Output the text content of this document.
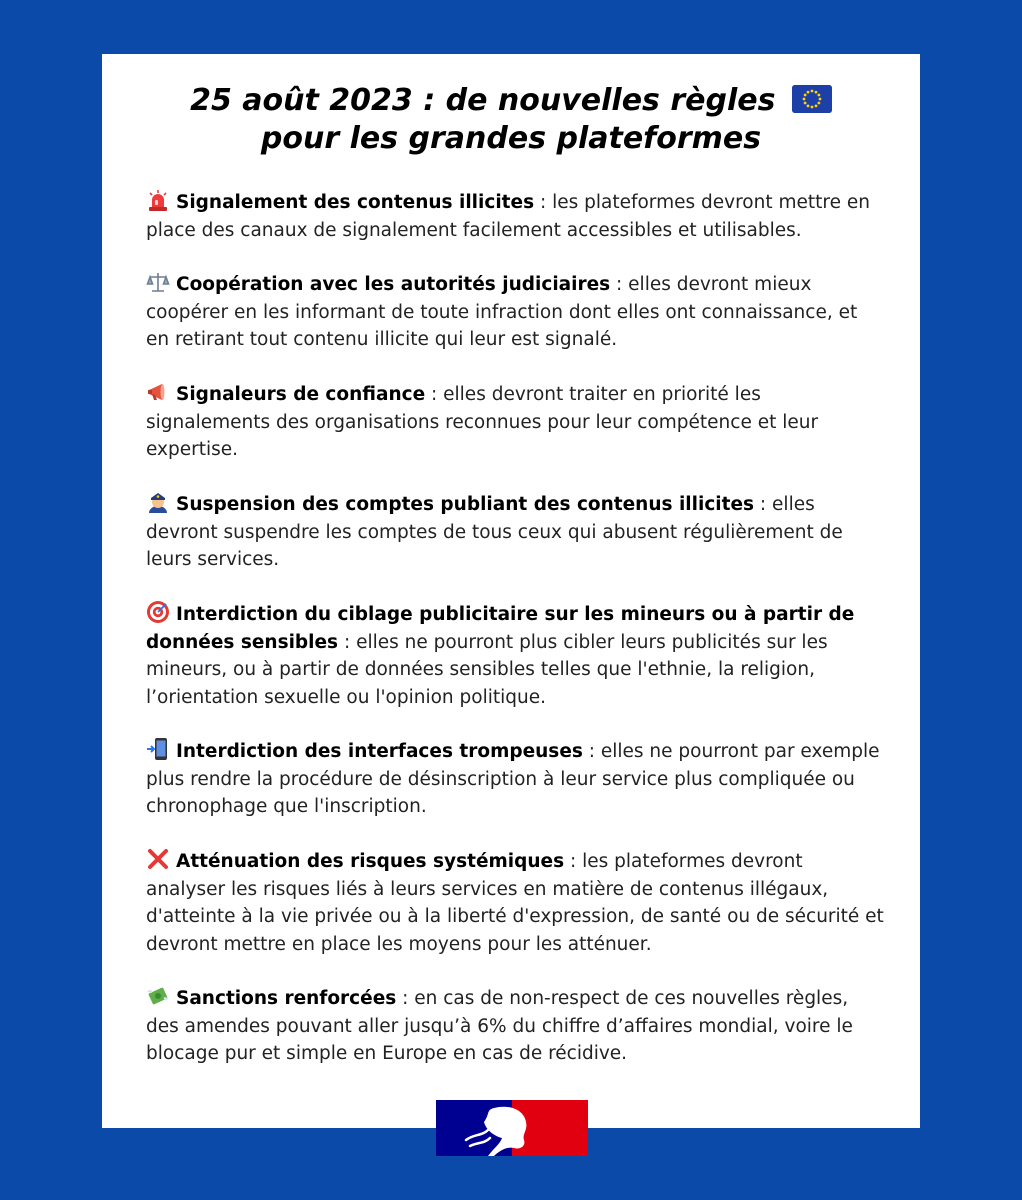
25 août 2023 : de nouvelles règles

pour les grandes plateformes

Signalement des contenus illicites : les plateformes devront mettre en place des canaux de signalement facilement accessibles et utilisables.

Coopération avec les autorités judiciaires : elles devront mieux coopérer en les informant de toute infraction dont elles ont connaissance, et en retirant tout contenu illicite qui leur est signalé.

Signaleurs de confiance : elles devront traiter en priorité les signalements des organisations reconnues pour leur compétence et leur expertise.

Suspension des comptes publiant des contenus illicites : elles devront suspendre les comptes de tous ceux qui abusent régulièrement de leurs services.

Interdiction du ciblage publicitaire sur les mineurs ou à partir de données sensibles : elles ne pourront plus cibler leurs publicités sur les mineurs, ou à partir de données sensibles telles que l'ethnie, la religion, l’orientation sexuelle ou l'opinion politique.

Interdiction des interfaces trompeuses : elles ne pourront par exemple plus rendre la procédure de désinscription à leur service plus compliquée ou chronophage que l'inscription.

Atténuation des risques systémiques : les plateformes devront analyser les risques liés à leurs services en matière de contenus illégaux, d'atteinte à la vie privée ou à la liberté d'expression, de santé ou de sécurité et devront mettre en place les moyens pour les atténuer.

Sanctions renforcées : en cas de non-respect de ces nouvelles règles, des amendes pouvant aller jusqu’à 6% du chiffre d’affaires mondial, voire le blocage pur et simple en Europe en cas de récidive.
